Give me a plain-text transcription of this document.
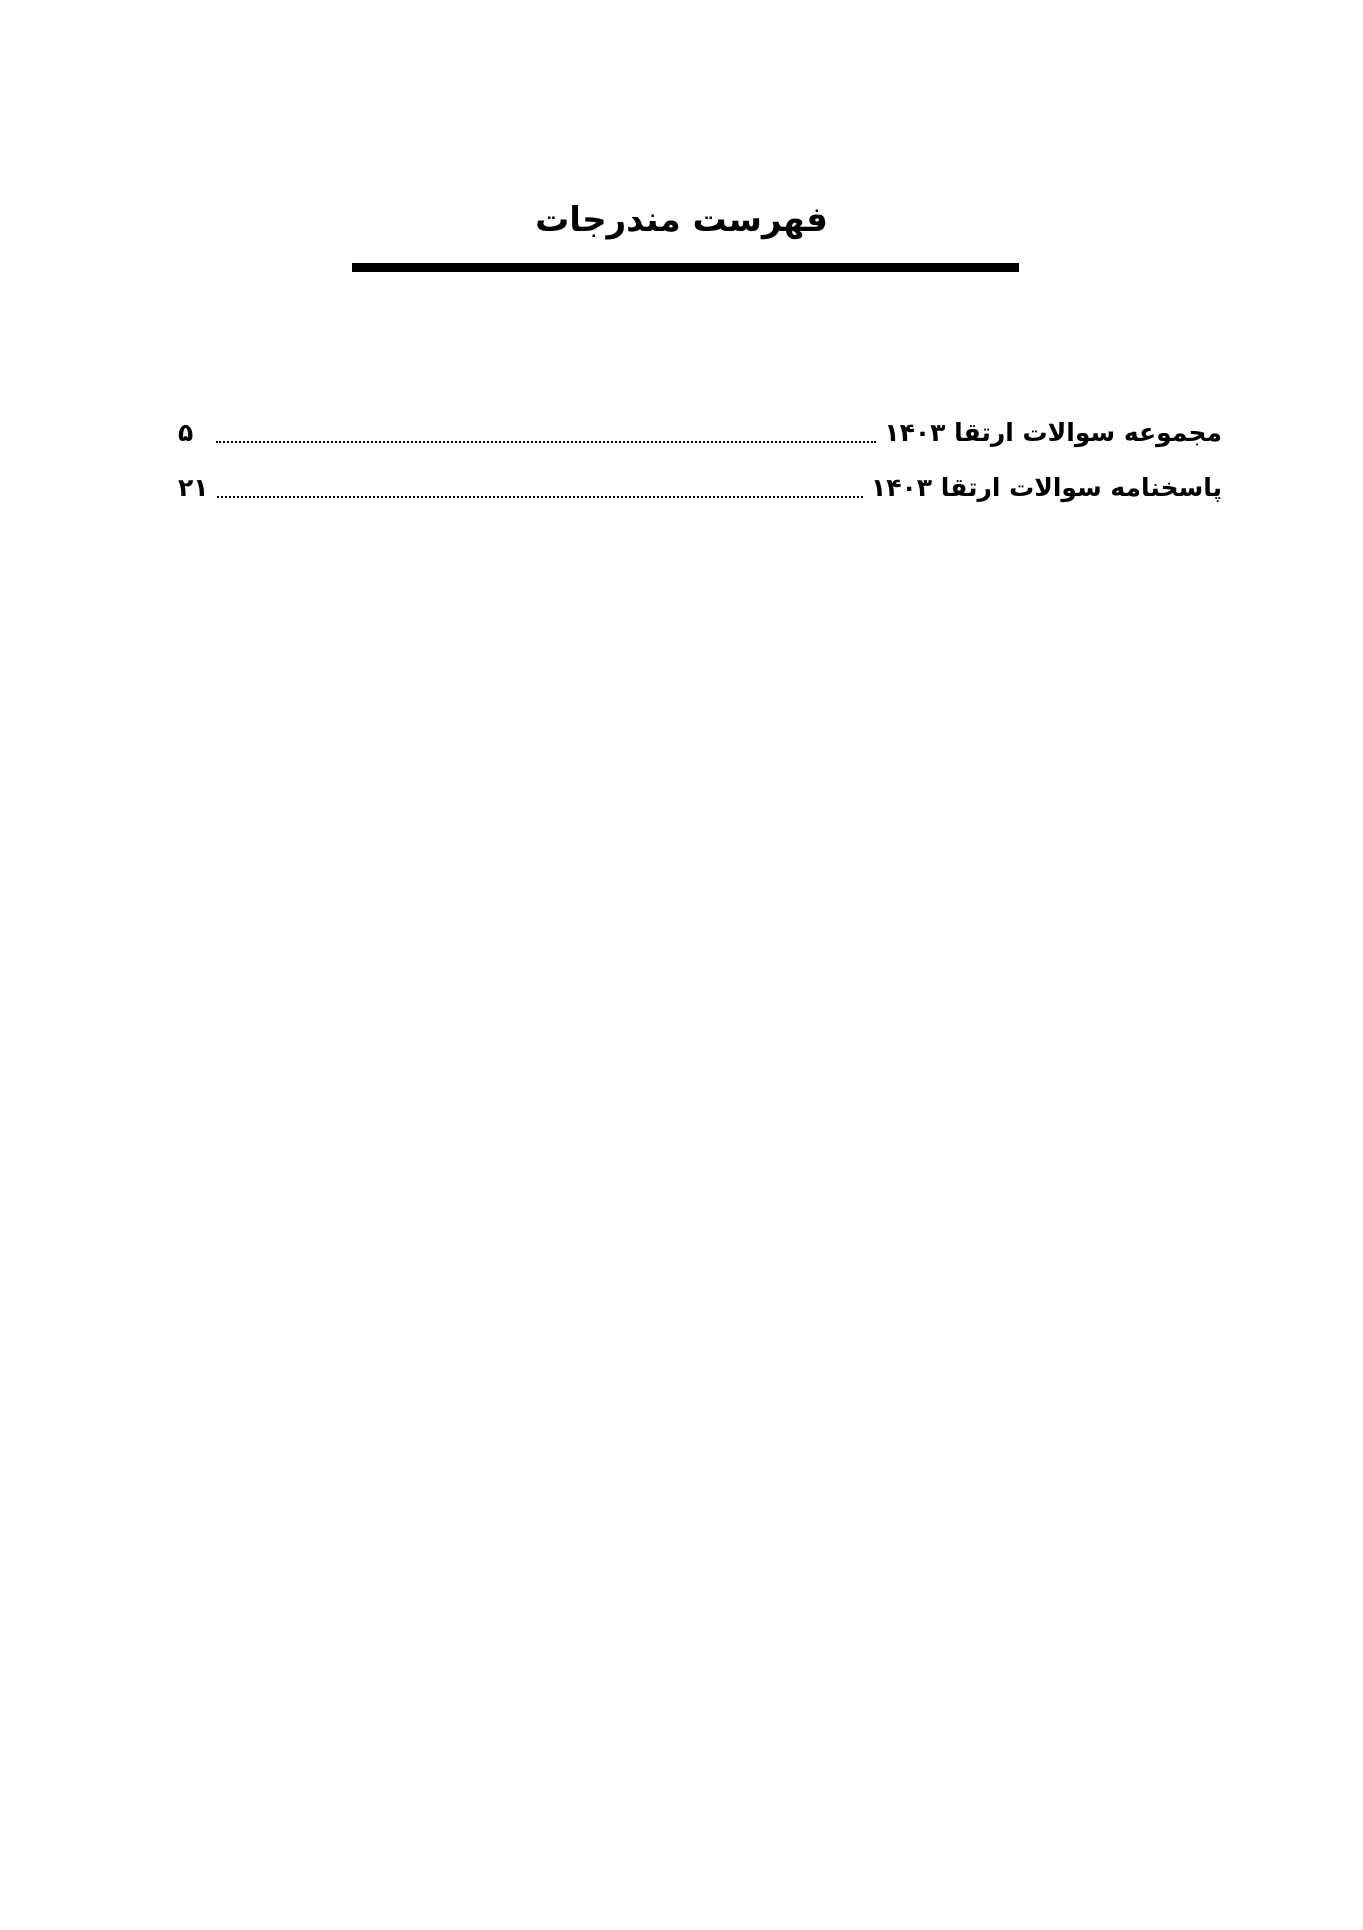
فهرست مندرجات
مجموعه سوالات ارتقا ۱۴۰۳
۵
پاسخنامه سوالات ارتقا ۱۴۰۳
۲۱
